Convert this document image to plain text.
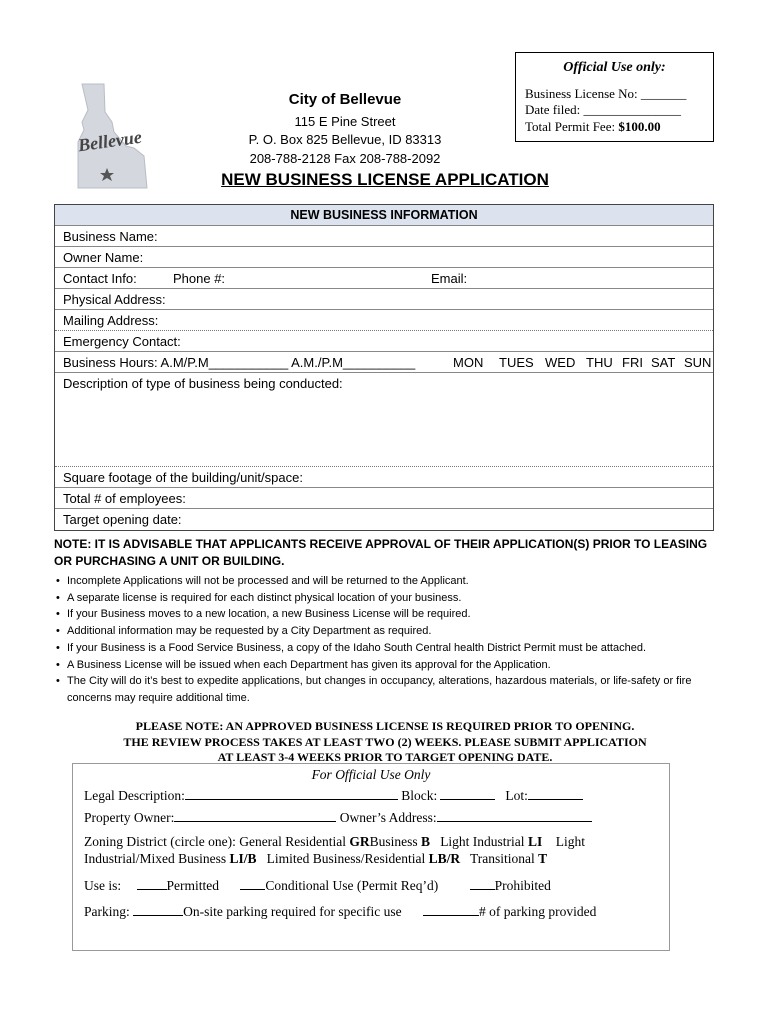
Official Use only:
Business License No: _______
Date filed: _______________
Total Permit Fee: $100.00
Bellevue
City of Bellevue
115 E Pine Street
P. O. Box 825 Bellevue, ID 83313
208-788-2128 Fax 208-788-2092
NEW BUSINESS LICENSE APPLICATION
NEW BUSINESS INFORMATION
Business Name:
Owner Name:
Contact Info:	Phone #:	Email:
Physical Address:
Mailing Address:
Emergency Contact:
Business Hours: A.M/P.M___________ A.M./P.M__________	MON TUES WED THU FRI SAT SUN
Description of type of business being conducted:
Square footage of the building/unit/space:
Total # of employees:
Target opening date:
NOTE: IT IS ADVISABLE THAT APPLICANTS RECEIVE APPROVAL OF THEIR APPLICATION(S) PRIOR TO LEASING OR PURCHASING A UNIT OR BUILDING.
• Incomplete Applications will not be processed and will be returned to the Applicant.
• A separate license is required for each distinct physical location of your business.
• If your Business moves to a new location, a new Business License will be required.
• Additional information may be requested by a City Department as required.
• If your Business is a Food Service Business, a copy of the Idaho South Central health District Permit must be attached.
• A Business License will be issued when each Department has given its approval for the Application.
• The City will do it’s best to expedite applications, but changes in occupancy, alterations, hazardous materials, or life-safety or fire concerns may require additional time.
PLEASE NOTE: AN APPROVED BUSINESS LICENSE IS REQUIRED PRIOR TO OPENING.
THE REVIEW PROCESS TAKES AT LEAST TWO (2) WEEKS. PLEASE SUBMIT APPLICATION
AT LEAST 3-4 WEEKS PRIOR TO TARGET OPENING DATE.
For Official Use Only
Legal Description:	Block:	Lot:
Property Owner:	Owner’s Address:
Zoning District (circle one): General Residential GRBusiness B   Light Industrial LI    Light
Industrial/Mixed Business LI/B   Limited Business/Residential LB/R   Transitional T
Use is:	Permitted	Conditional Use (Permit Req’d)	Prohibited
Parking:	On-site parking required for specific use	# of parking provided
